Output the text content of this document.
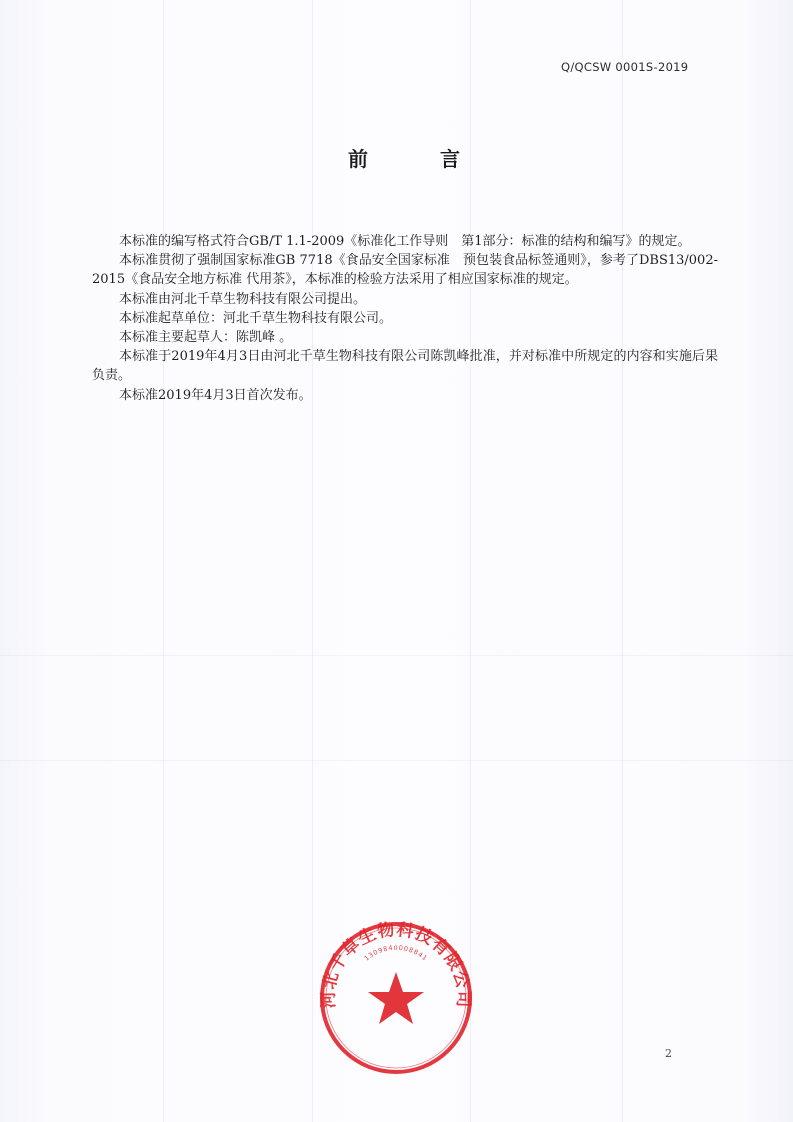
Q/QCSW 0001S-2019
前	言

本标准的编写格式符合GB/T 1.1-2009《标准化工作导则　第1部分：标准的结构和编写》的规定。

本标准贯彻了强制国家标准GB 7718《食品安全国家标准　预包装食品标签通则》，参考了DBS13/002-2015《食品安全地方标准 代用茶》，本标准的检验方法采用了相应国家标准的规定。

本标准由河北千草生物科技有限公司提出。

本标准起草单位：河北千草生物科技有限公司。

本标准主要起草人：陈凯峰 。

本标准于2019年4月3日由河北千草生物科技有限公司陈凯峰批准，并对标准中所规定的内容和实施后果负责。

本标准2019年4月3日首次发布。

河北千草生物科技有限公司
1309840008841
2
